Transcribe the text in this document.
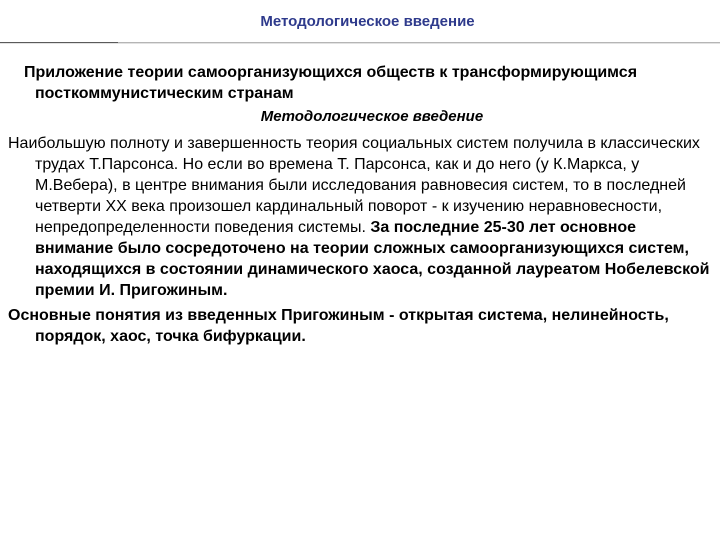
Методологическое введение

Приложение теории самоорганизующихся обществ к трансформирующимся посткоммунистическим странам

Методологическое введение

Наибольшую полноту и завершенность теория социальных систем получила в классических трудах Т.Парсонса. Но если во времена Т. Парсонса, как и до него (у К.Маркса, у М.Вебера), в центре внимания были исследования равновесия систем, то в последней четверти XX века произошел кардинальный поворот - к изучению неравновесности, непредопределенности поведения системы. За последние 25-30 лет основное внимание было сосредоточено на теории сложных самоорганизующихся систем, находящихся в состоянии динамического хаоса, созданной лауреатом Нобелевской премии И. Пригожиным.

Основные понятия из введенных Пригожиным - открытая система, нелинейность, порядок, хаос, точка бифуркации.
